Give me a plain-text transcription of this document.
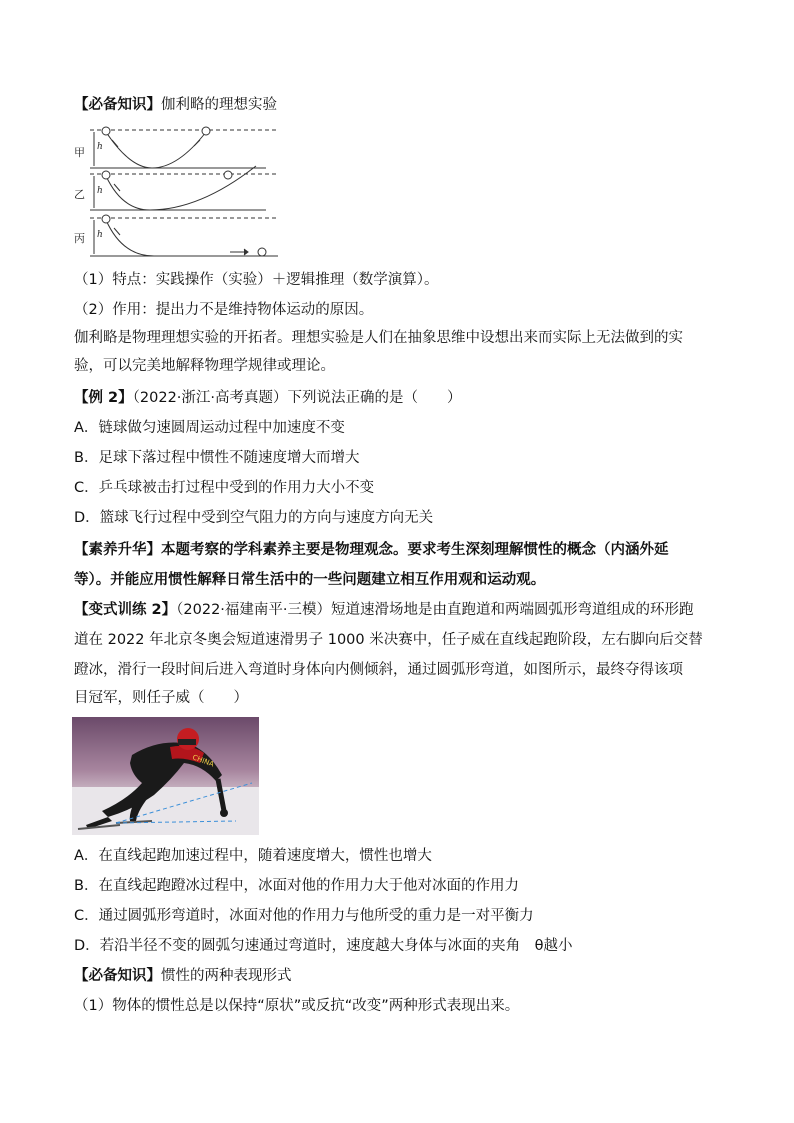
【必备知识】伽利略的理想实验
甲
乙
丙
h
h
h
（1）特点：实践操作（实验）＋逻辑推理（数学演算）。
（2）作用：提出力不是维持物体运动的原因。
伽利略是物理理想实验的开拓者。理想实验是人们在抽象思维中设想出来而实际上无法做到的实
验，可以完美地解释物理学规律或理论。
【例 2】（2022·浙江·高考真题）下列说法正确的是（　　）
A．链球做匀速圆周运动过程中加速度不变
B．足球下落过程中惯性不随速度增大而增大
C．乒乓球被击打过程中受到的作用力大小不变
D．篮球飞行过程中受到空气阻力的方向与速度方向无关
【素养升华】本题考察的学科素养主要是物理观念。要求考生深刻理解惯性的概念（内涵外延
等）。并能应用惯性解释日常生活中的一些问题建立相互作用观和运动观。
【变式训练 2】（2022·福建南平·三模）短道速滑场地是由直跑道和两端圆弧形弯道组成的环形跑
道在 2022 年北京冬奥会短道速滑男子 1000 米决赛中，任子威在直线起跑阶段，左右脚向后交替
蹬冰，滑行一段时间后进入弯道时身体向内侧倾斜，通过圆弧形弯道，如图所示，最终夺得该项
目冠军，则任子威（　　）
CHINA
A．在直线起跑加速过程中，随着速度增大，惯性也增大
B．在直线起跑蹬冰过程中，冰面对他的作用力大于他对冰面的作用力
C．通过圆弧形弯道时，冰面对他的作用力与他所受的重力是一对平衡力
D．若沿半径不变的圆弧匀速通过弯道时，速度越大身体与冰面的夹角　θ越小
【必备知识】惯性的两种表现形式
（1）物体的惯性总是以保持“原状”或反抗“改变”两种形式表现出来。
